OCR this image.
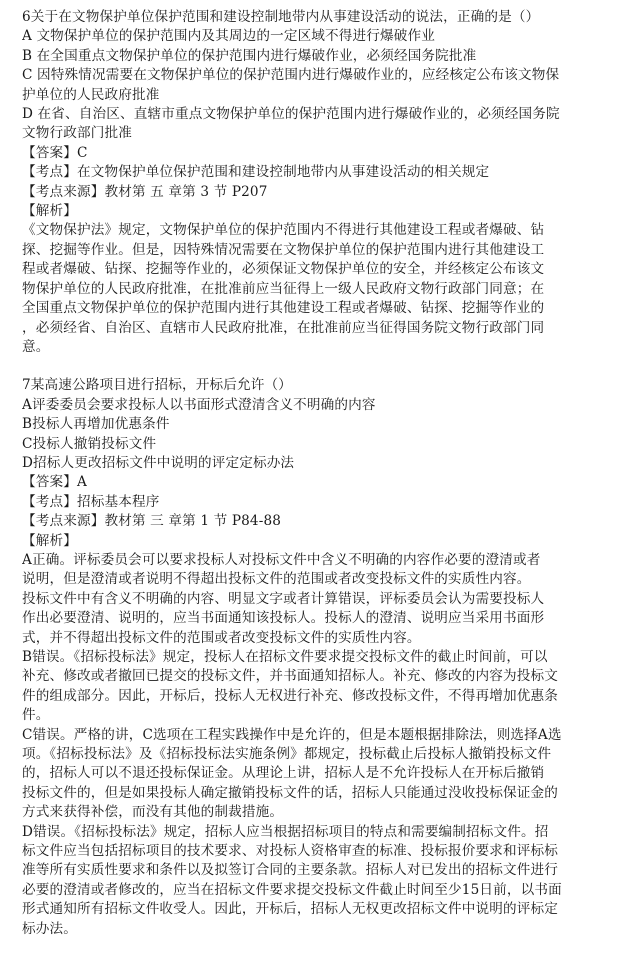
6关于在文物保护单位保护范围和建设控制地带内从事建设活动的说法，正确的是（）
A 文物保护单位的保护范围内及其周边的一定区域不得进行爆破作业
B 在全国重点文物保护单位的保护范围内进行爆破作业，必须经国务院批准
C 因特殊情况需要在文物保护单位的保护范围内进行爆破作业的，应经核定公布该文物保
护单位的人民政府批准
D 在省、自治区、直辖市重点文物保护单位的保护范围内进行爆破作业的，必须经国务院
文物行政部门批准
【答案】C
【考点】在文物保护单位保护范围和建设控制地带内从事建设活动的相关规定
【考点来源】教材第 五 章第 3 节 P207
【解析】
《文物保护法》规定，文物保护单位的保护范围内不得进行其他建设工程或者爆破、钻
探、挖掘等作业。但是，因特殊情况需要在文物保护单位的保护范围内进行其他建设工
程或者爆破、钻探、挖掘等作业的，必须保证文物保护单位的安全，并经核定公布该文
物保护单位的人民政府批准，在批准前应当征得上一级人民政府文物行政部门同意；在
全国重点文物保护单位的保护范围内进行其他建设工程或者爆破、钻探、挖掘等作业的
，必须经省、自治区、直辖市人民政府批准，在批准前应当征得国务院文物行政部门同
意。
7某高速公路项目进行招标，开标后允许（）
A评委委员会要求投标人以书面形式澄清含义不明确的内容
B投标人再增加优惠条件
C投标人撤销投标文件
D招标人更改招标文件中说明的评定定标办法
【答案】A
【考点】招标基本程序
【考点来源】教材第 三 章第 1 节 P84-88
【解析】
A正确。评标委员会可以要求投标人对投标文件中含义不明确的内容作必要的澄清或者
说明，但是澄清或者说明不得超出投标文件的范围或者改变投标文件的实质性内容。
投标文件中有含义不明确的内容、明显文字或者计算错误，评标委员会认为需要投标人
作出必要澄清、说明的，应当书面通知该投标人。投标人的澄清、说明应当采用书面形
式，并不得超出投标文件的范围或者改变投标文件的实质性内容。
B错误。《招标投标法》规定，投标人在招标文件要求提交投标文件的截止时间前，可以
补充、修改或者撤回已提交的投标文件，并书面通知招标人。补充、修改的内容为投标文
件的组成部分。因此，开标后，投标人无权进行补充、修改投标文件，不得再增加优惠条
件。
C错误。严格的讲，C选项在工程实践操作中是允许的，但是本题根据排除法，则选择A选
项。《招标投标法》及《招标投标法实施条例》都规定，投标截止后投标人撤销投标文件
的，招标人可以不退还投标保证金。从理论上讲，招标人是不允许投标人在开标后撤销
投标文件的，但是如果投标人确定撤销投标文件的话，招标人只能通过没收投标保证金的
方式来获得补偿，而没有其他的制裁措施。
D错误。《招标投标法》规定，招标人应当根据招标项目的特点和需要编制招标文件。招
标文件应当包括招标项目的技术要求、对投标人资格审查的标准、投标报价要求和评标标
准等所有实质性要求和条件以及拟签订合同的主要条款。招标人对已发出的招标文件进行
必要的澄清或者修改的，应当在招标文件要求提交投标文件截止时间至少15日前，以书面
形式通知所有招标文件收受人。因此，开标后，招标人无权更改招标文件中说明的评标定
标办法。
